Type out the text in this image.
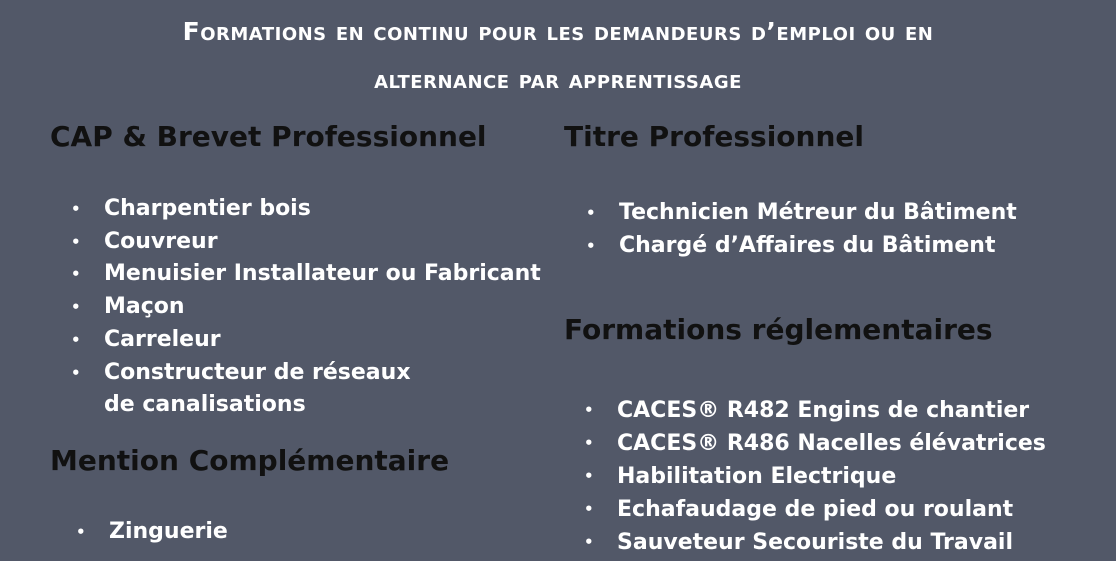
Formations en continu pour les demandeurs d’emploi ou en
alternance par apprentissage
CAP & Brevet Professionnel
• Charpentier bois
• Couvreur
• Menuisier Installateur ou Fabricant
• Maçon
• Carreleur
• Constructeur de réseaux
de canalisations
Mention Complémentaire
• Zinguerie
Titre Professionnel
• Technicien Métreur du Bâtiment
• Chargé d’Affaires du Bâtiment
Formations réglementaires
• CACES® R482 Engins de chantier
• CACES® R486 Nacelles élévatrices
• Habilitation Electrique
• Echafaudage de pied ou roulant
• Sauveteur Secouriste du Travail
